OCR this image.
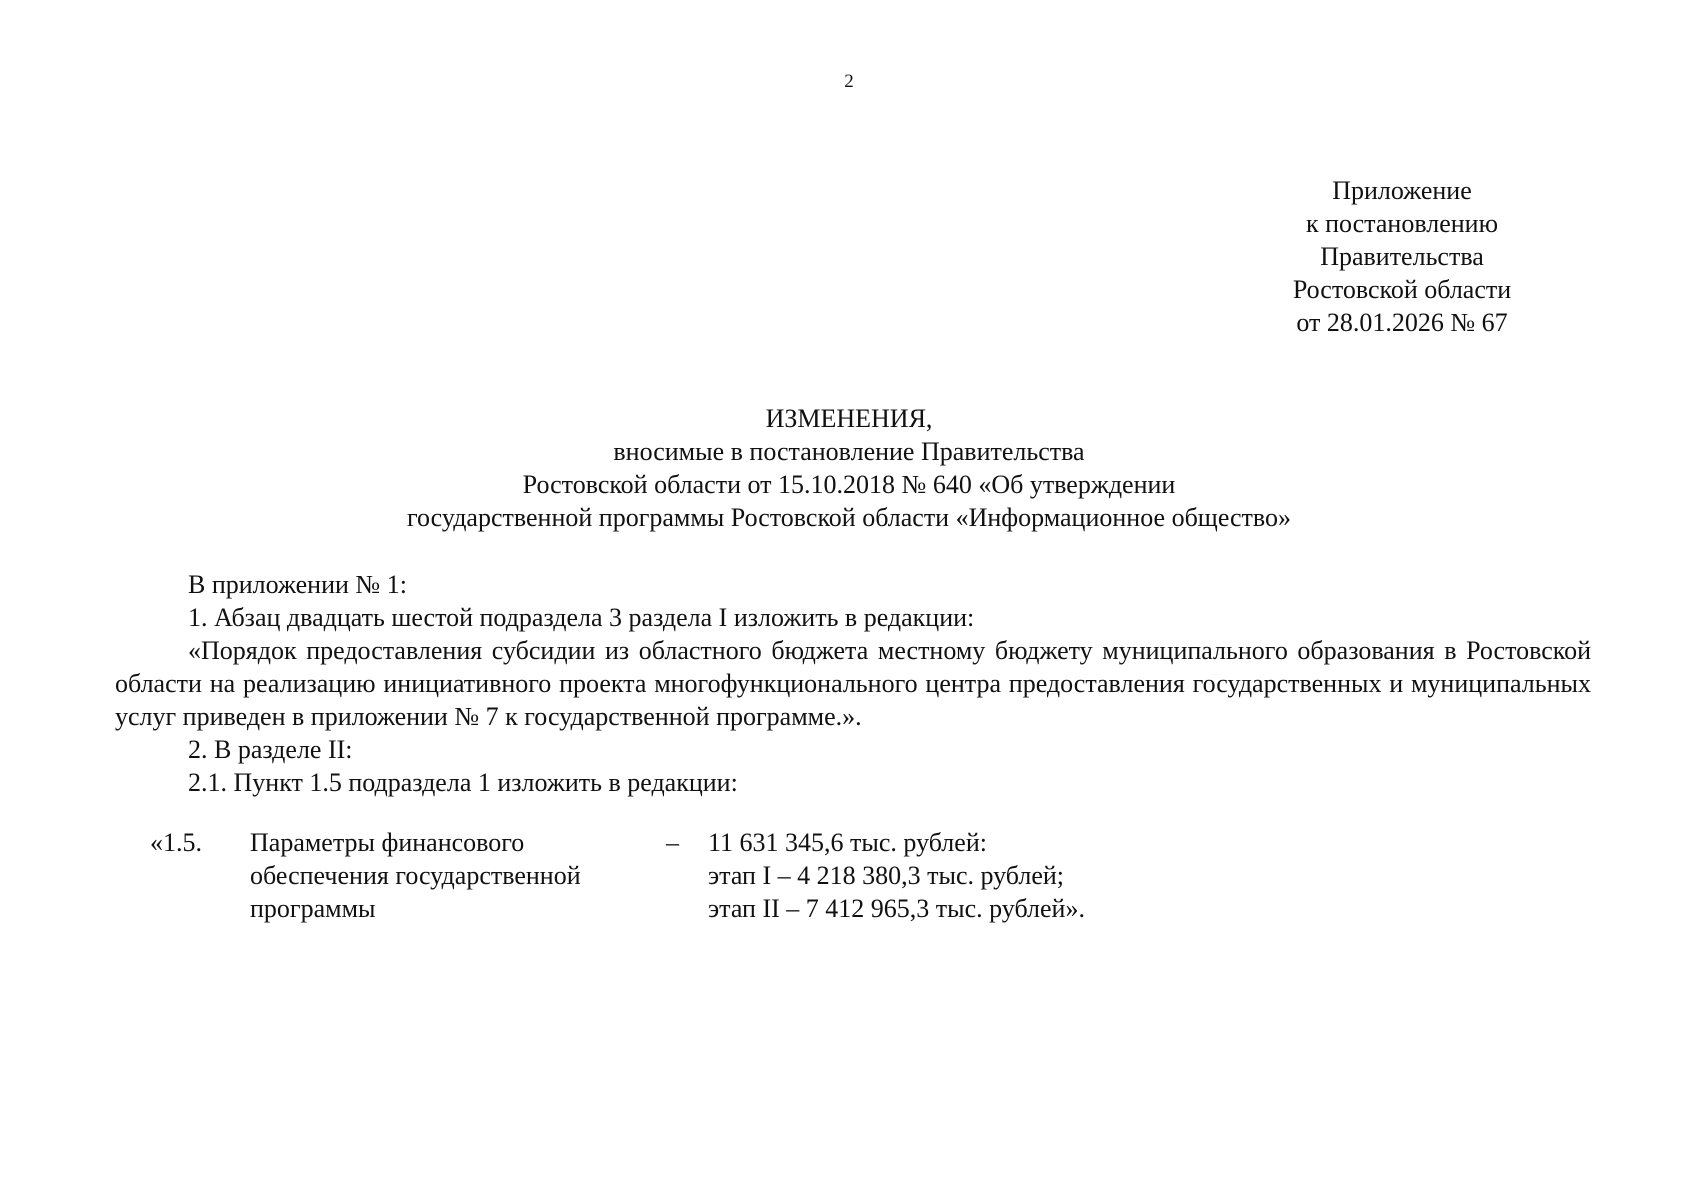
2
Приложение
к постановлению
Правительства
Ростовской области
от 28.01.2026 № 67
ИЗМЕНЕНИЯ,
вносимые в постановление Правительства
Ростовской области от 15.10.2018 № 640 «Об утверждении
государственной программы Ростовской области «Информационное общество»
В приложении № 1:
1. Абзац двадцать шестой подраздела 3 раздела I изложить в редакции:
«Порядок предоставления субсидии из областного бюджета местному бюджету муниципального образования в Ростовской области на реализацию инициативного проекта многофункционального центра предоставления государственных и муниципальных услуг приведен в приложении № 7 к государственной программе.».
2. В разделе II:
2.1. Пункт 1.5 подраздела 1 изложить в редакции:
«1.5. Параметры финансового
обеспечения государственной
программы
– 11 631 345,6 тыс. рублей:
этап I – 4 218 380,3 тыс. рублей;
этап II – 7 412 965,3 тыс. рублей».
